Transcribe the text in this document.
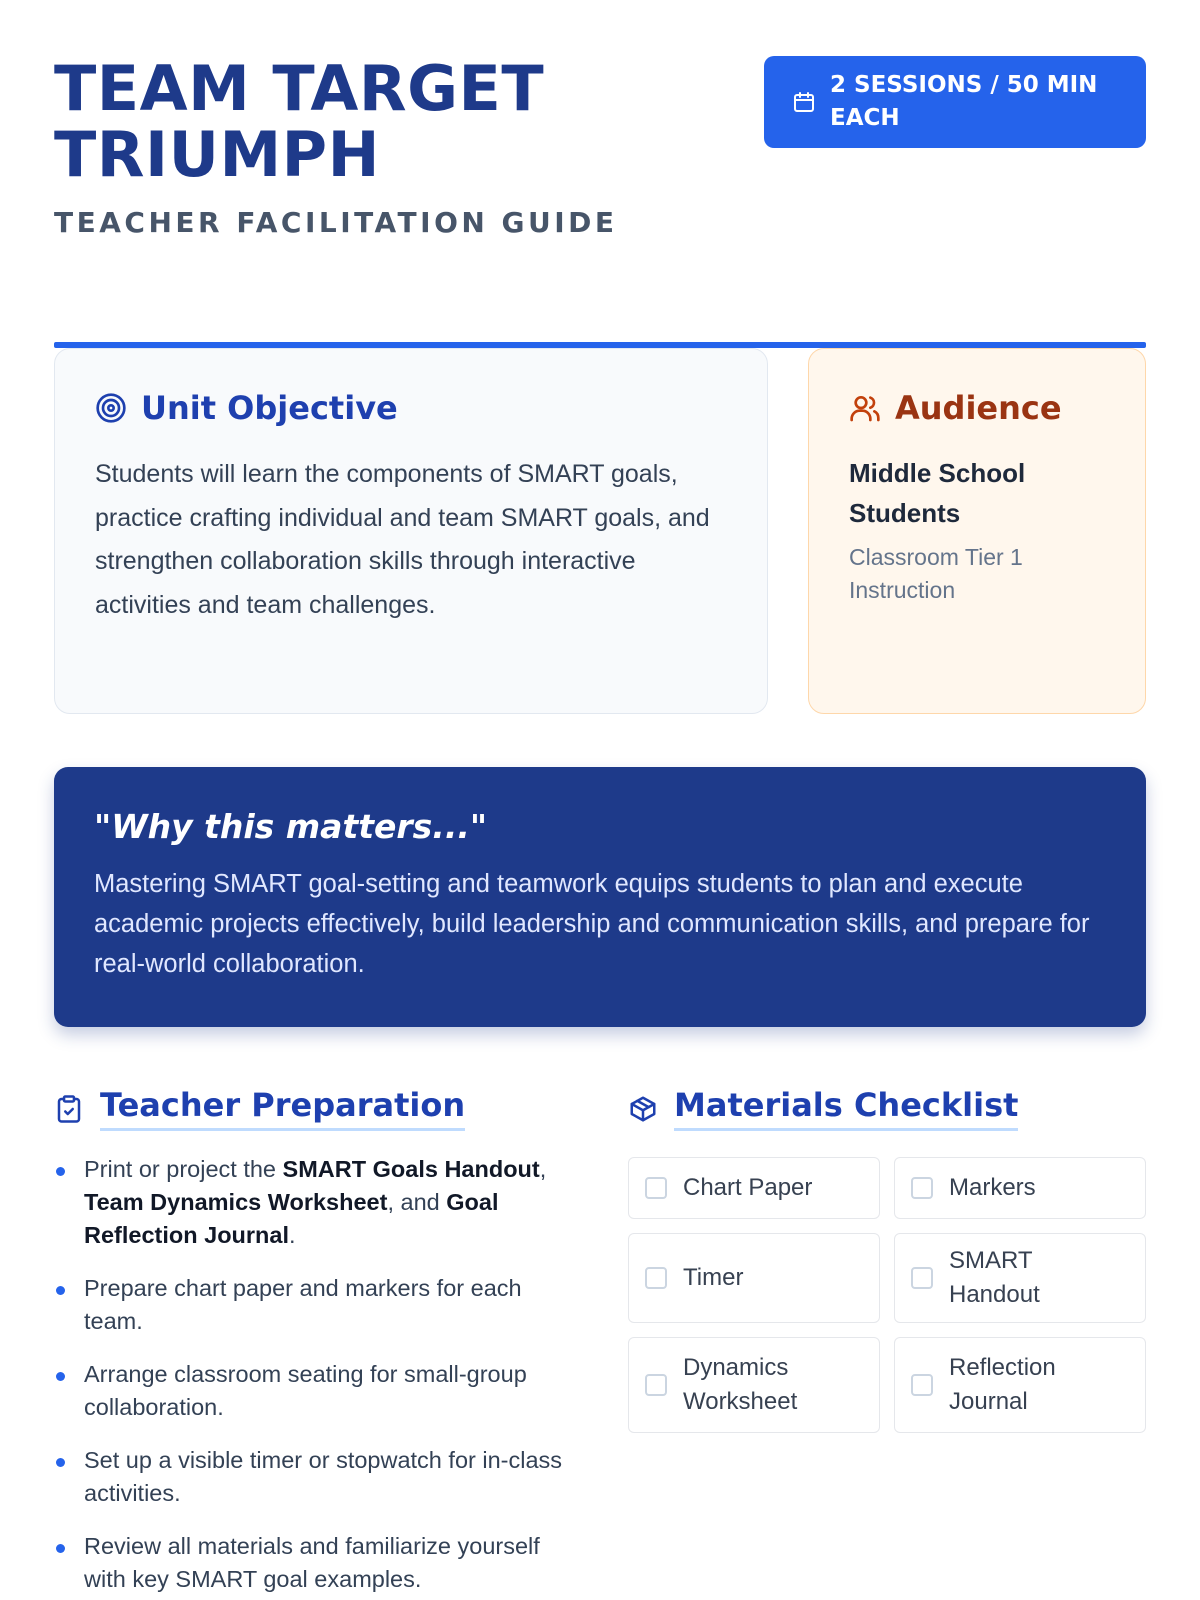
TEAM TARGET
TRIUMPH
TEACHER FACILITATION GUIDE
2 SESSIONS / 50 MIN EACH
Unit Objective
Students will learn the components of SMART goals, practice crafting individual and team SMART goals, and strengthen collaboration skills through interactive activities and team challenges.
Audience
Middle School Students
Classroom Tier 1 Instruction
"Why this matters..."
Mastering SMART goal-setting and teamwork equips students to plan and execute academic projects effectively, build leadership and communication skills, and prepare for real-world collaboration.
Teacher Preparation
Print or project the SMART Goals Handout, Team Dynamics Worksheet, and Goal Reflection Journal.
Prepare chart paper and markers for each team.
Arrange classroom seating for small-group collaboration.
Set up a visible timer or stopwatch for in-class activities.
Review all materials and familiarize yourself with key SMART goal examples.
Materials Checklist
Chart Paper	Markers
Timer
SMART Handout
Dynamics Worksheet
Reflection Journal
